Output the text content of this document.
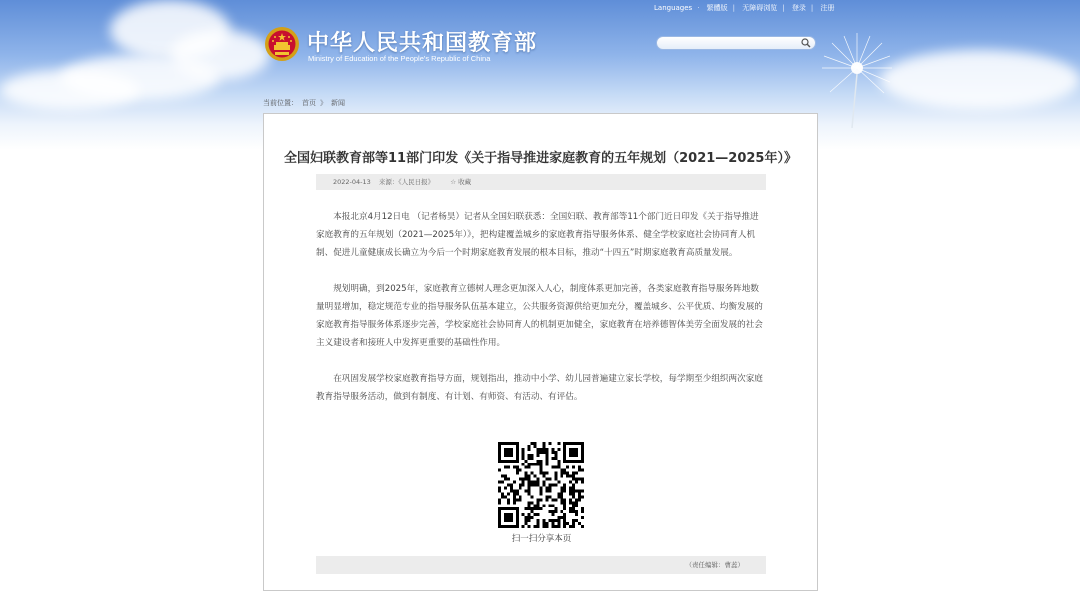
Languages · 繁體版 | 无障碍浏览 | 登录 | 注册
中华人民共和国教育部
Ministry of Education of the People's Republic of China
当前位置： 首页 》 新闻
全国妇联教育部等11部门印发《关于指导推进家庭教育的五年规划（2021—2025年）》
2022-04-13 来源：《人民日报》 ☆ 收藏

本报北京4月12日电 （记者杨昊）记者从全国妇联获悉：全国妇联、教育部等11个部门近日印发《关于指导推进家庭教育的五年规划（2021—2025年）》，把构建覆盖城乡的家庭教育指导服务体系、健全学校家庭社会协同育人机制、促进儿童健康成长确立为今后一个时期家庭教育发展的根本目标，推动“十四五”时期家庭教育高质量发展。

规划明确，到2025年，家庭教育立德树人理念更加深入人心，制度体系更加完善，各类家庭教育指导服务阵地数量明显增加，稳定规范专业的指导服务队伍基本建立，公共服务资源供给更加充分，覆盖城乡、公平优质、均衡发展的家庭教育指导服务体系逐步完善，学校家庭社会协同育人的机制更加健全，家庭教育在培养德智体美劳全面发展的社会主义建设者和接班人中发挥更重要的基础性作用。

在巩固发展学校家庭教育指导方面，规划指出，推动中小学、幼儿园普遍建立家长学校，每学期至少组织两次家庭教育指导服务活动，做到有制度、有计划、有师资、有活动、有评估。

扫一扫分享本页
（责任编辑：曹蕊）
